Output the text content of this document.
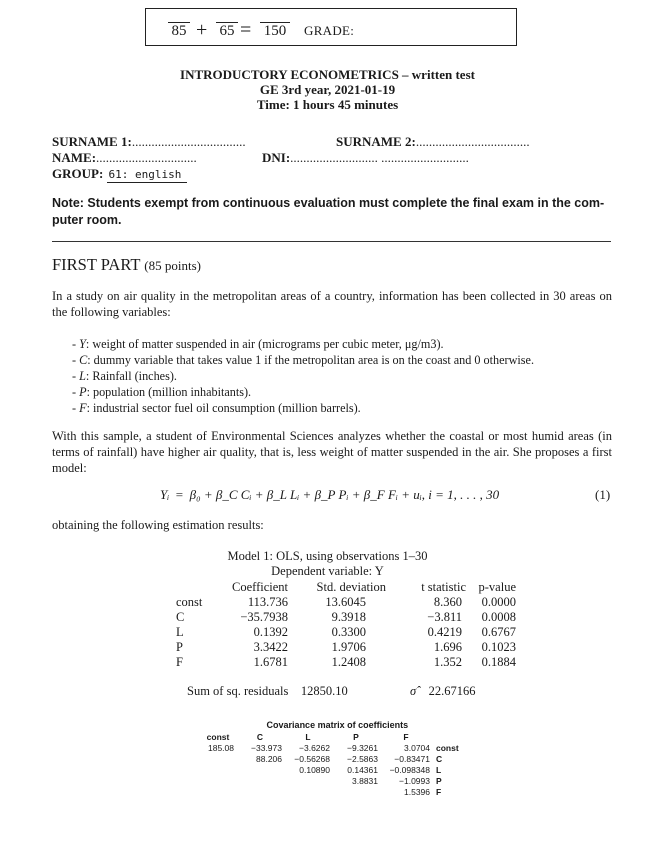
85 + 65 = 150 GRADE:
INTRODUCTORY ECONOMETRICS – written test
GE 3rd year, 2021-01-19
Time: 1 hours 45 minutes
SURNAME 1:...................................	SURNAME 2:...................................
NAME:...............................	DNI:........................... ...........................
GROUP: 61: english
Note: Students exempt from continuous evaluation must complete the final exam in the com-puter room.
FIRST PART (85 points)
In a study on air quality in the metropolitan areas of a country, information has been collected in 30 areas on the following variables:
- Y: weight of matter suspended in air (micrograms per cubic meter, μg/m3).
- C: dummy variable that takes value 1 if the metropolitan area is on the coast and 0 otherwise.
- L: Rainfall (inches).
- P: population (million inhabitants).
- F: industrial sector fuel oil consumption (million barrels).
With this sample, a student of Environmental Sciences analyzes whether the coastal or most humid areas (in terms of rainfall) have higher air quality, that is, less weight of matter suspended in the air. She proposes a first model:
Yᵢ = β₀ + β_C Cᵢ + β_L Lᵢ + β_P Pᵢ + β_F Fᵢ + uᵢ, i = 1, . . . , 30	(1)
obtaining the following estimation results:
Model 1: OLS, using observations 1–30
Dependent variable: Y
	Coefficient	Std. deviation	t statistic	p-value
const	113.736	13.6045	8.360	0.0000
C	−35.7938	9.3918	−3.811	0.0008
L	0.1392	0.3300	0.4219	0.6767
P	3.3422	1.9706	1.696	0.1023
F	1.6781	1.2408	1.352	0.1884
Sum of sq. residuals 12850.10	σ̂ 22.67166
Covariance matrix of coefficients
const	C	L	P	F	
185.08	−33.973	−3.6262	−9.3261	3.0704	const
	88.206	−0.56268	−2.5863	−0.83471	C
		0.10890	0.14361	−0.098348	L
			3.8831	−1.0993	P
				1.5396	F
